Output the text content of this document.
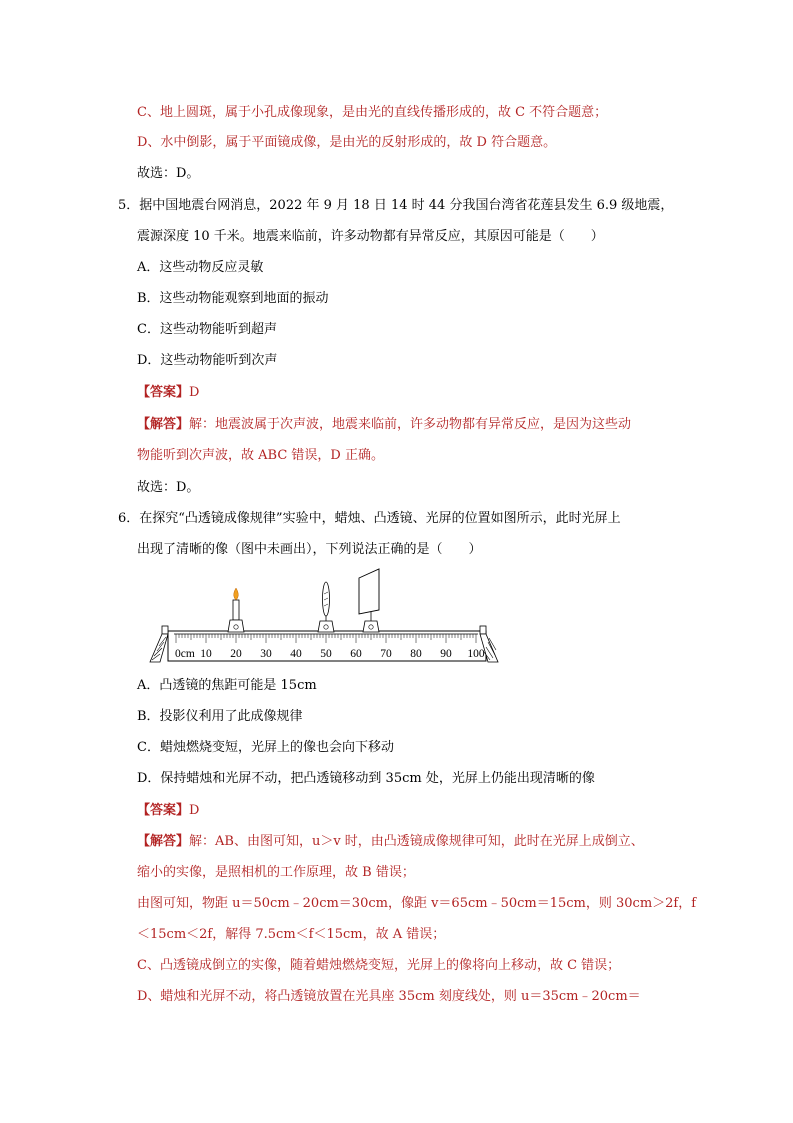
C、地上圆斑，属于小孔成像现象，是由光的直线传播形成的，故 C 不符合题意；
D、水中倒影，属于平面镜成像，是由光的反射形成的，故 D 符合题意。
故选：D。
5．据中国地震台网消息，2022 年 9 月 18 日 14 时 44 分我国台湾省花莲县发生 6.9 级地震，
震源深度 10 千米。地震来临前，许多动物都有异常反应，其原因可能是（　　）
A．这些动物反应灵敏
B．这些动物能观察到地面的振动
C．这些动物能听到超声
D．这些动物能听到次声
【答案】D
【解答】解：地震波属于次声波，地震来临前，许多动物都有异常反应，是因为这些动
物能听到次声波，故 ABC 错误，D 正确。
故选：D。
6．在探究“凸透镜成像规律”实验中，蜡烛、凸透镜、光屏的位置如图所示，此时光屏上
出现了清晰的像（图中未画出），下列说法正确的是（　　）
0cm 10 20 30 40 50 60 70 80 90 100
A．凸透镜的焦距可能是 15cm
B．投影仪利用了此成像规律
C．蜡烛燃烧变短，光屏上的像也会向下移动
D．保持蜡烛和光屏不动，把凸透镜移动到 35cm 处，光屏上仍能出现清晰的像
【答案】D
【解答】解：AB、由图可知，u＞v 时，由凸透镜成像规律可知，此时在光屏上成倒立、
缩小的实像，是照相机的工作原理，故 B 错误；
由图可知，物距 u＝50cm﹣20cm＝30cm，像距 v＝65cm﹣50cm＝15cm，则 30cm＞2f，f
＜15cm＜2f，解得 7.5cm＜f＜15cm，故 A 错误；
C、凸透镜成倒立的实像，随着蜡烛燃烧变短，光屏上的像将向上移动，故 C 错误；
D、蜡烛和光屏不动，将凸透镜放置在光具座 35cm 刻度线处，则 u＝35cm﹣20cm＝
